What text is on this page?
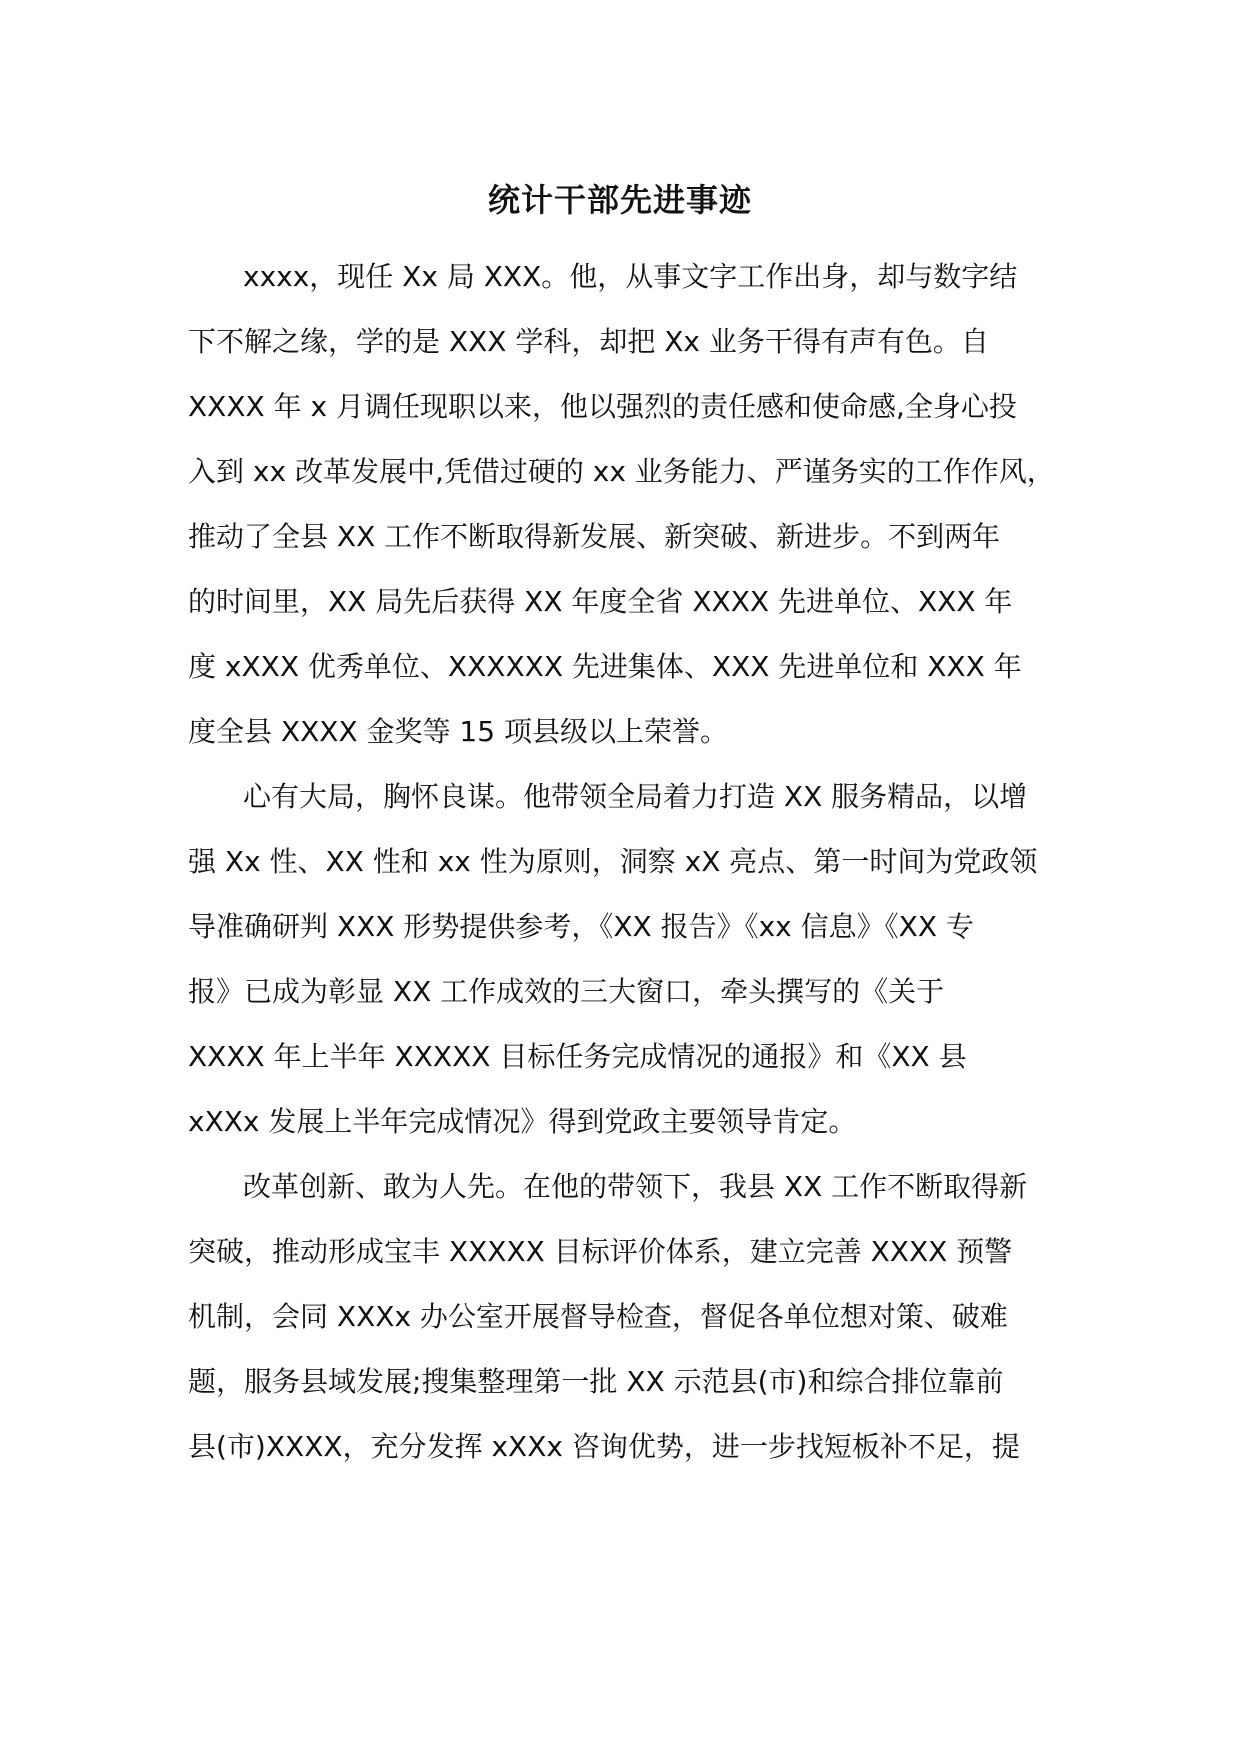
统计干部先进事迹
xxxx，现任 Xx 局 XXX。他，从事文字工作出身，却与数字结
下不解之缘，学的是 XXX 学科，却把 Xx 业务干得有声有色。自
XXXX 年 x 月调任现职以来，他以强烈的责任感和使命感,全身心投
入到 xx 改革发展中,凭借过硬的 xx 业务能力、严谨务实的工作作风，
推动了全县 XX 工作不断取得新发展、新突破、新进步。不到两年
的时间里，XX 局先后获得 XX 年度全省 XXXX 先进单位、XXX 年
度 xXXX 优秀单位、XXXXXX 先进集体、XXX 先进单位和 XXX 年
度全县 XXXX 金奖等 15 项县级以上荣誉。
心有大局，胸怀良谋。他带领全局着力打造 XX 服务精品，以增
强 Xx 性、XX 性和 xx 性为原则，洞察 xX 亮点、第一时间为党政领
导准确研判 XXX 形势提供参考，《XX 报告》《xx 信息》《XX 专
报》已成为彰显 XX 工作成效的三大窗口，牵头撰写的《关于
XXXX 年上半年 XXXXX 目标任务完成情况的通报》和《XX 县
xXXx 发展上半年完成情况》得到党政主要领导肯定。
改革创新、敢为人先。在他的带领下，我县 XX 工作不断取得新
突破，推动形成宝丰 XXXXX 目标评价体系，建立完善 XXXX 预警
机制，会同 XXXx 办公室开展督导检查，督促各单位想对策、破难
题，服务县域发展;搜集整理第一批 XX 示范县(市)和综合排位靠前
县(市)XXXX，充分发挥 xXXx 咨询优势，进一步找短板补不足，提
